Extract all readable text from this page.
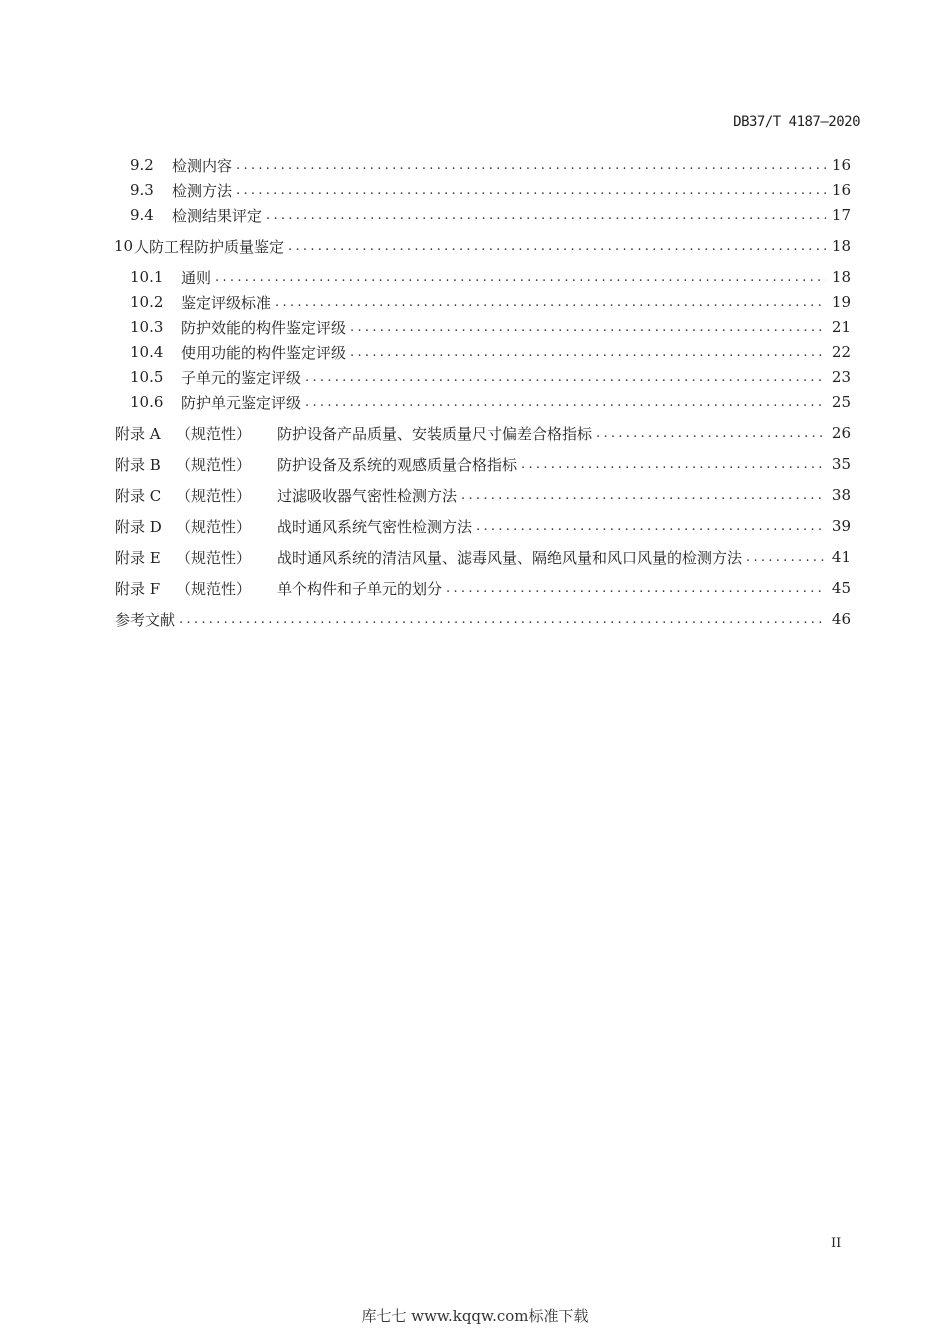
DB37/T 4187—2020
9.2	检测内容 .....	16
9.3	检测方法 .....	16
9.4	检测结果评定 .....	17
10 人防工程防护质量鉴定 .....	18
10.1	通则 .....	18
10.2	鉴定评级标准 .....	19
10.3	防护效能的构件鉴定评级 .....	21
10.4	使用功能的构件鉴定评级 .....	22
10.5	子单元的鉴定评级 .....	23
10.6	防护单元鉴定评级 .....	25
附录 A	（规范性）	防护设备产品质量、安装质量尺寸偏差合格指标 .....	26
附录 B	（规范性）	防护设备及系统的观感质量合格指标 .....	35
附录 C （规范性）	过滤吸收器气密性检测方法 .....	38
附录 D （规范性）	战时通风系统气密性检测方法 .....	39
附录 E	（规范性）	战时通风系统的清洁风量、滤毒风量、隔绝风量和风口风量的检测方法 .....	41
附录 F	（规范性）	单个构件和子单元的划分 .....	45
参考文献 .....	46
II
库七七 www.kqqw.com标准下载
